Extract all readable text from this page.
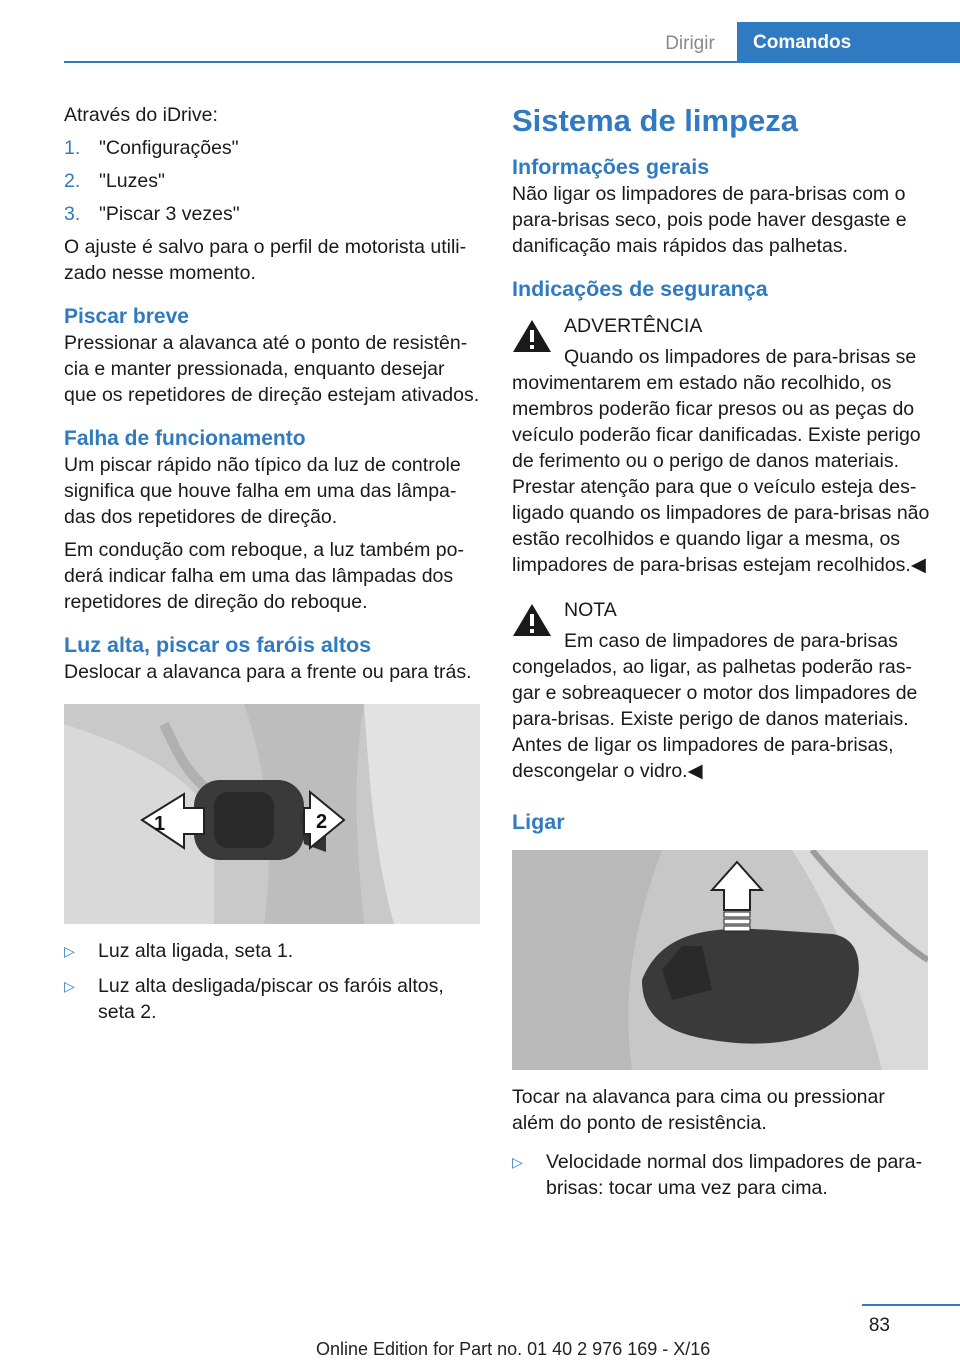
Dirigir	Comandos

Através do iDrive:

1. "Configurações"
2. "Luzes"
3. "Piscar 3 vezes"

O ajuste é salvo para o perfil de motorista utilizado nesse momento.

Piscar breve

Pressionar a alavanca até o ponto de resistência e manter pressionada, enquanto desejar que os repetidores de direção estejam ativados.

Falha de funcionamento

Um piscar rápido não típico da luz de controle significa que houve falha em uma das lâmpadas dos repetidores de direção.

Em condução com reboque, a luz também poderá indicar falha em uma das lâmpadas dos repetidores de direção do reboque.

Luz alta, piscar os faróis altos

Deslocar a alavanca para a frente ou para trás.

1	2
▷	Luz alta ligada, seta 1.
▷	Luz alta desligada/piscar os faróis altos, seta 2.
Sistema de limpeza
Informações gerais

Não ligar os limpadores de para-brisas com o para-brisas seco, pois pode haver desgaste e danificação mais rápidos das palhetas.

Indicações de segurança
ADVERTÊNCIA

Quando os limpadores de para-brisas se movimentarem em estado não recolhido, os membros poderão ficar presos ou as peças do veículo poderão ficar danificadas. Existe perigo de ferimento ou o perigo de danos materiais. Prestar atenção para que o veículo esteja desligado quando os limpadores de para-brisas não estão recolhidos e quando ligar a mesma, os limpadores de para-brisas estejam recolhidos.◀

NOTA

Em caso de limpadores de para-brisas congelados, ao ligar, as palhetas poderão rasgar e sobreaquecer o motor dos limpadores de para-brisas. Existe perigo de danos materiais. Antes de ligar os limpadores de para-brisas, descongelar o vidro.◀

Ligar

Tocar na alavanca para cima ou pressionar além do ponto de resistência.

▷	Velocidade normal dos limpadores de para-brisas: tocar uma vez para cima.
83
Online Edition for Part no. 01 40 2 976 169 - X/16
